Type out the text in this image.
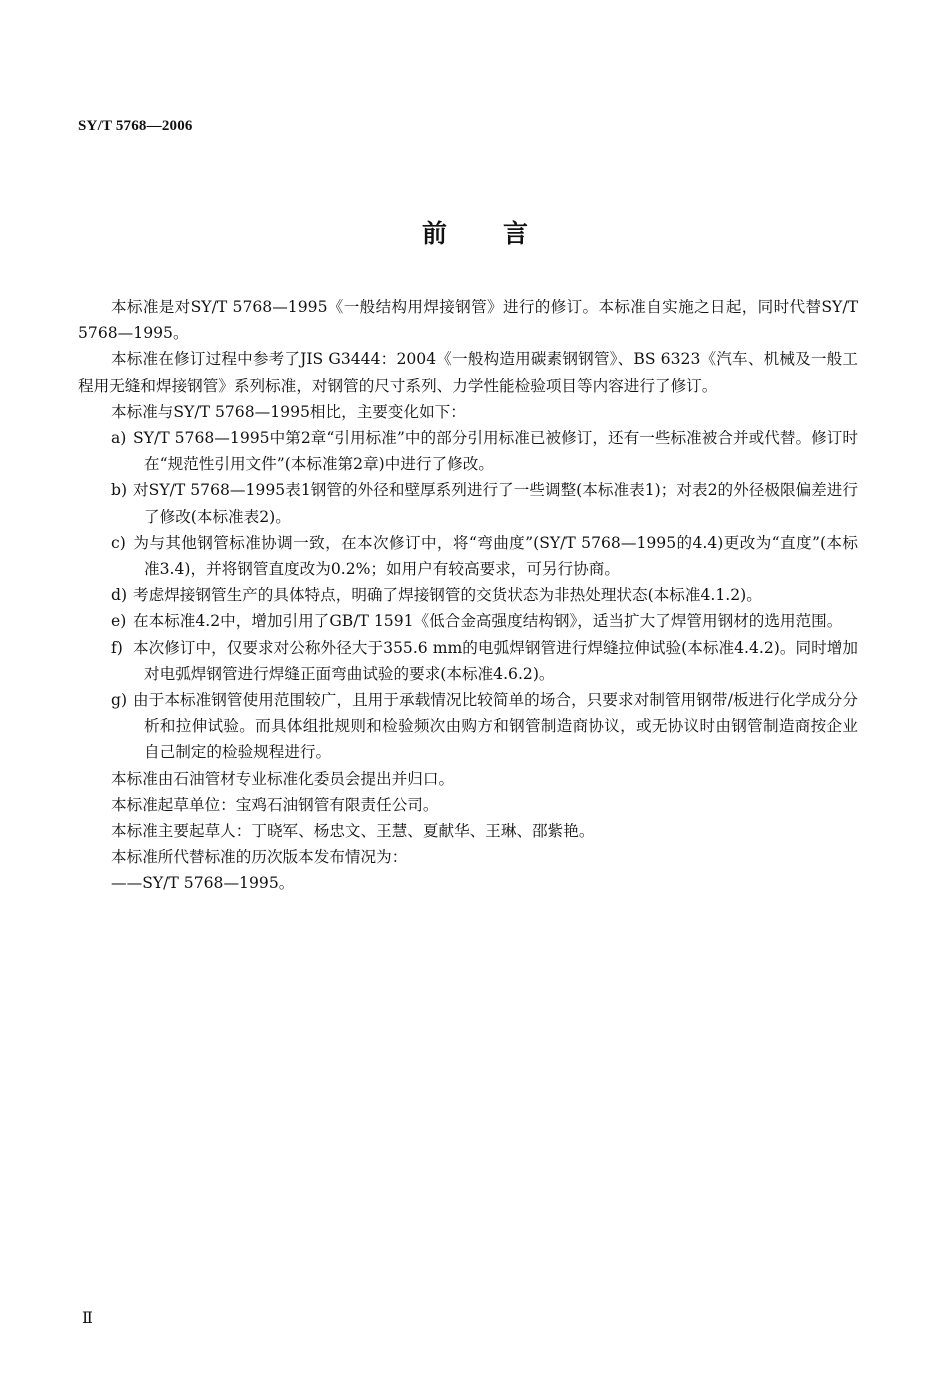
SY/T 5768—2006
前 言

本标准是对SY/T 5768—1995《一般结构用焊接钢管》进行的修订。本标准自实施之日起，同时代替SY/T 5768—1995。

本标准在修订过程中参考了JIS G3444：2004《一般构造用碳素钢钢管》、BS 6323《汽车、机械及一般工程用无缝和焊接钢管》系列标准，对钢管的尺寸系列、力学性能检验项目等内容进行了修订。

本标准与SY/T 5768—1995相比，主要变化如下：

a) SY/T 5768—1995中第2章“引用标准”中的部分引用标准已被修订，还有一些标准被合并或代替。修订时在“规范性引用文件”(本标准第2章)中进行了修改。

b) 对SY/T 5768—1995表1钢管的外径和壁厚系列进行了一些调整(本标准表1)；对表2的外径极限偏差进行了修改(本标准表2)。

c) 为与其他钢管标准协调一致，在本次修订中，将“弯曲度”(SY/T 5768—1995的4.4)更改为“直度”(本标准3.4)，并将钢管直度改为0.2%；如用户有较高要求，可另行协商。

d) 考虑焊接钢管生产的具体特点，明确了焊接钢管的交货状态为非热处理状态(本标准4.1.2)。

e) 在本标准4.2中，增加引用了GB/T 1591《低合金高强度结构钢》，适当扩大了焊管用钢材的选用范围。

f) 本次修订中，仅要求对公称外径大于355.6 mm的电弧焊钢管进行焊缝拉伸试验(本标准4.4.2)。同时增加对电弧焊钢管进行焊缝正面弯曲试验的要求(本标准4.6.2)。

g) 由于本标准钢管使用范围较广，且用于承载情况比较简单的场合，只要求对制管用钢带/板进行化学成分分析和拉伸试验。而具体组批规则和检验频次由购方和钢管制造商协议，或无协议时由钢管制造商按企业自己制定的检验规程进行。

本标准由石油管材专业标准化委员会提出并归口。

本标准起草单位：宝鸡石油钢管有限责任公司。

本标准主要起草人：丁晓军、杨忠文、王慧、夏献华、王琳、邵紫艳。

本标准所代替标准的历次版本发布情况为：

——SY/T 5768—1995。

Ⅱ
